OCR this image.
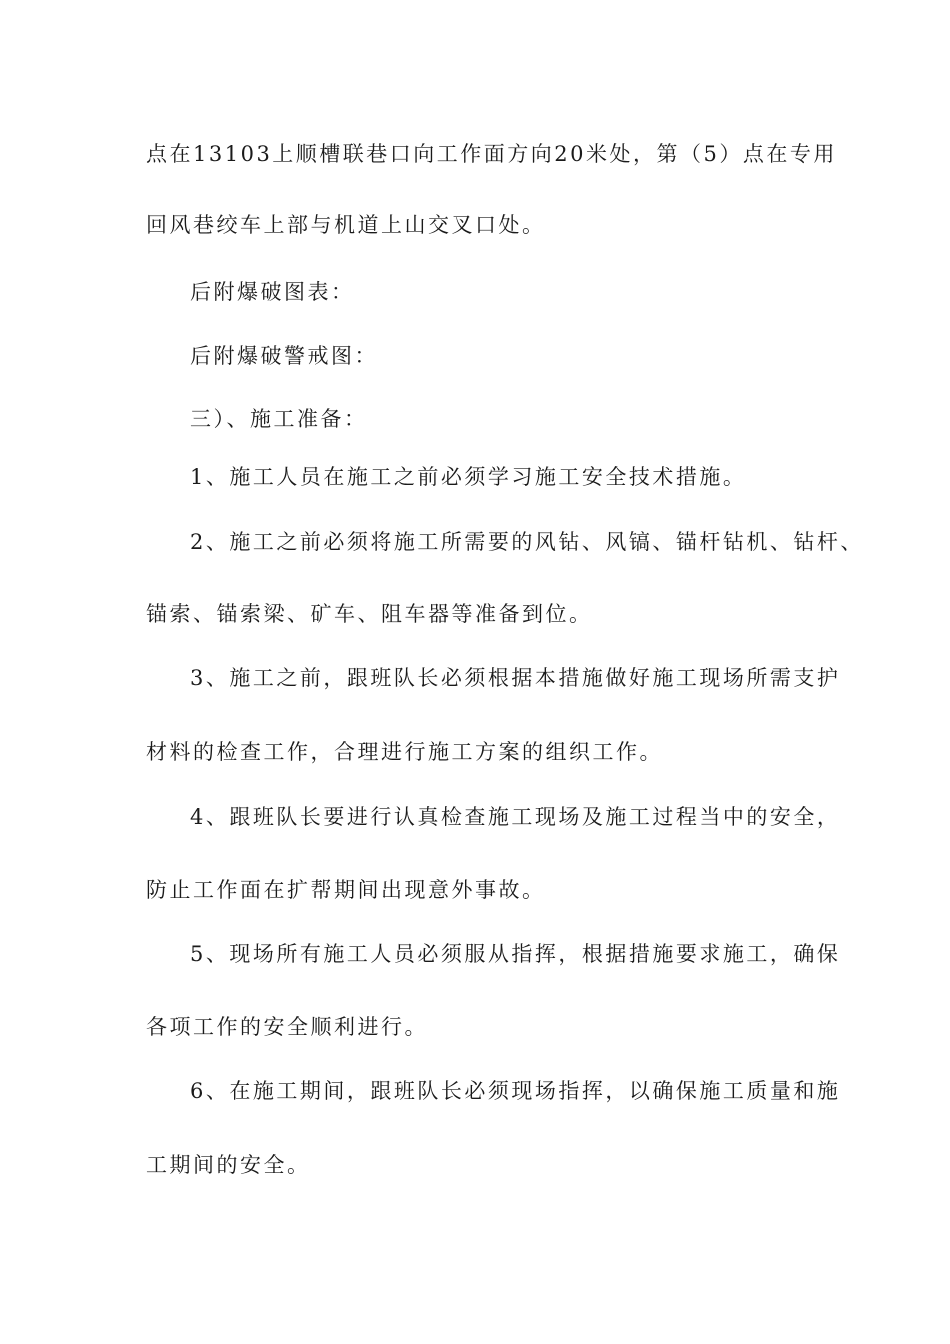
点在13103上顺槽联巷口向工作面方向20米处，第（5）点在专用
回风巷绞车上部与机道上山交叉口处。
后附爆破图表：
后附爆破警戒图：
三）、施工准备：
1、施工人员在施工之前必须学习施工安全技术措施。
2、施工之前必须将施工所需要的风钻、风镐、锚杆钻机、钻杆、
锚索、锚索梁、矿车、阻车器等准备到位。
3、施工之前，跟班队长必须根据本措施做好施工现场所需支护
材料的检查工作，合理进行施工方案的组织工作。
4、跟班队长要进行认真检查施工现场及施工过程当中的安全，
防止工作面在扩帮期间出现意外事故。
5、现场所有施工人员必须服从指挥，根据措施要求施工，确保
各项工作的安全顺利进行。
6、在施工期间，跟班队长必须现场指挥，以确保施工质量和施
工期间的安全。
